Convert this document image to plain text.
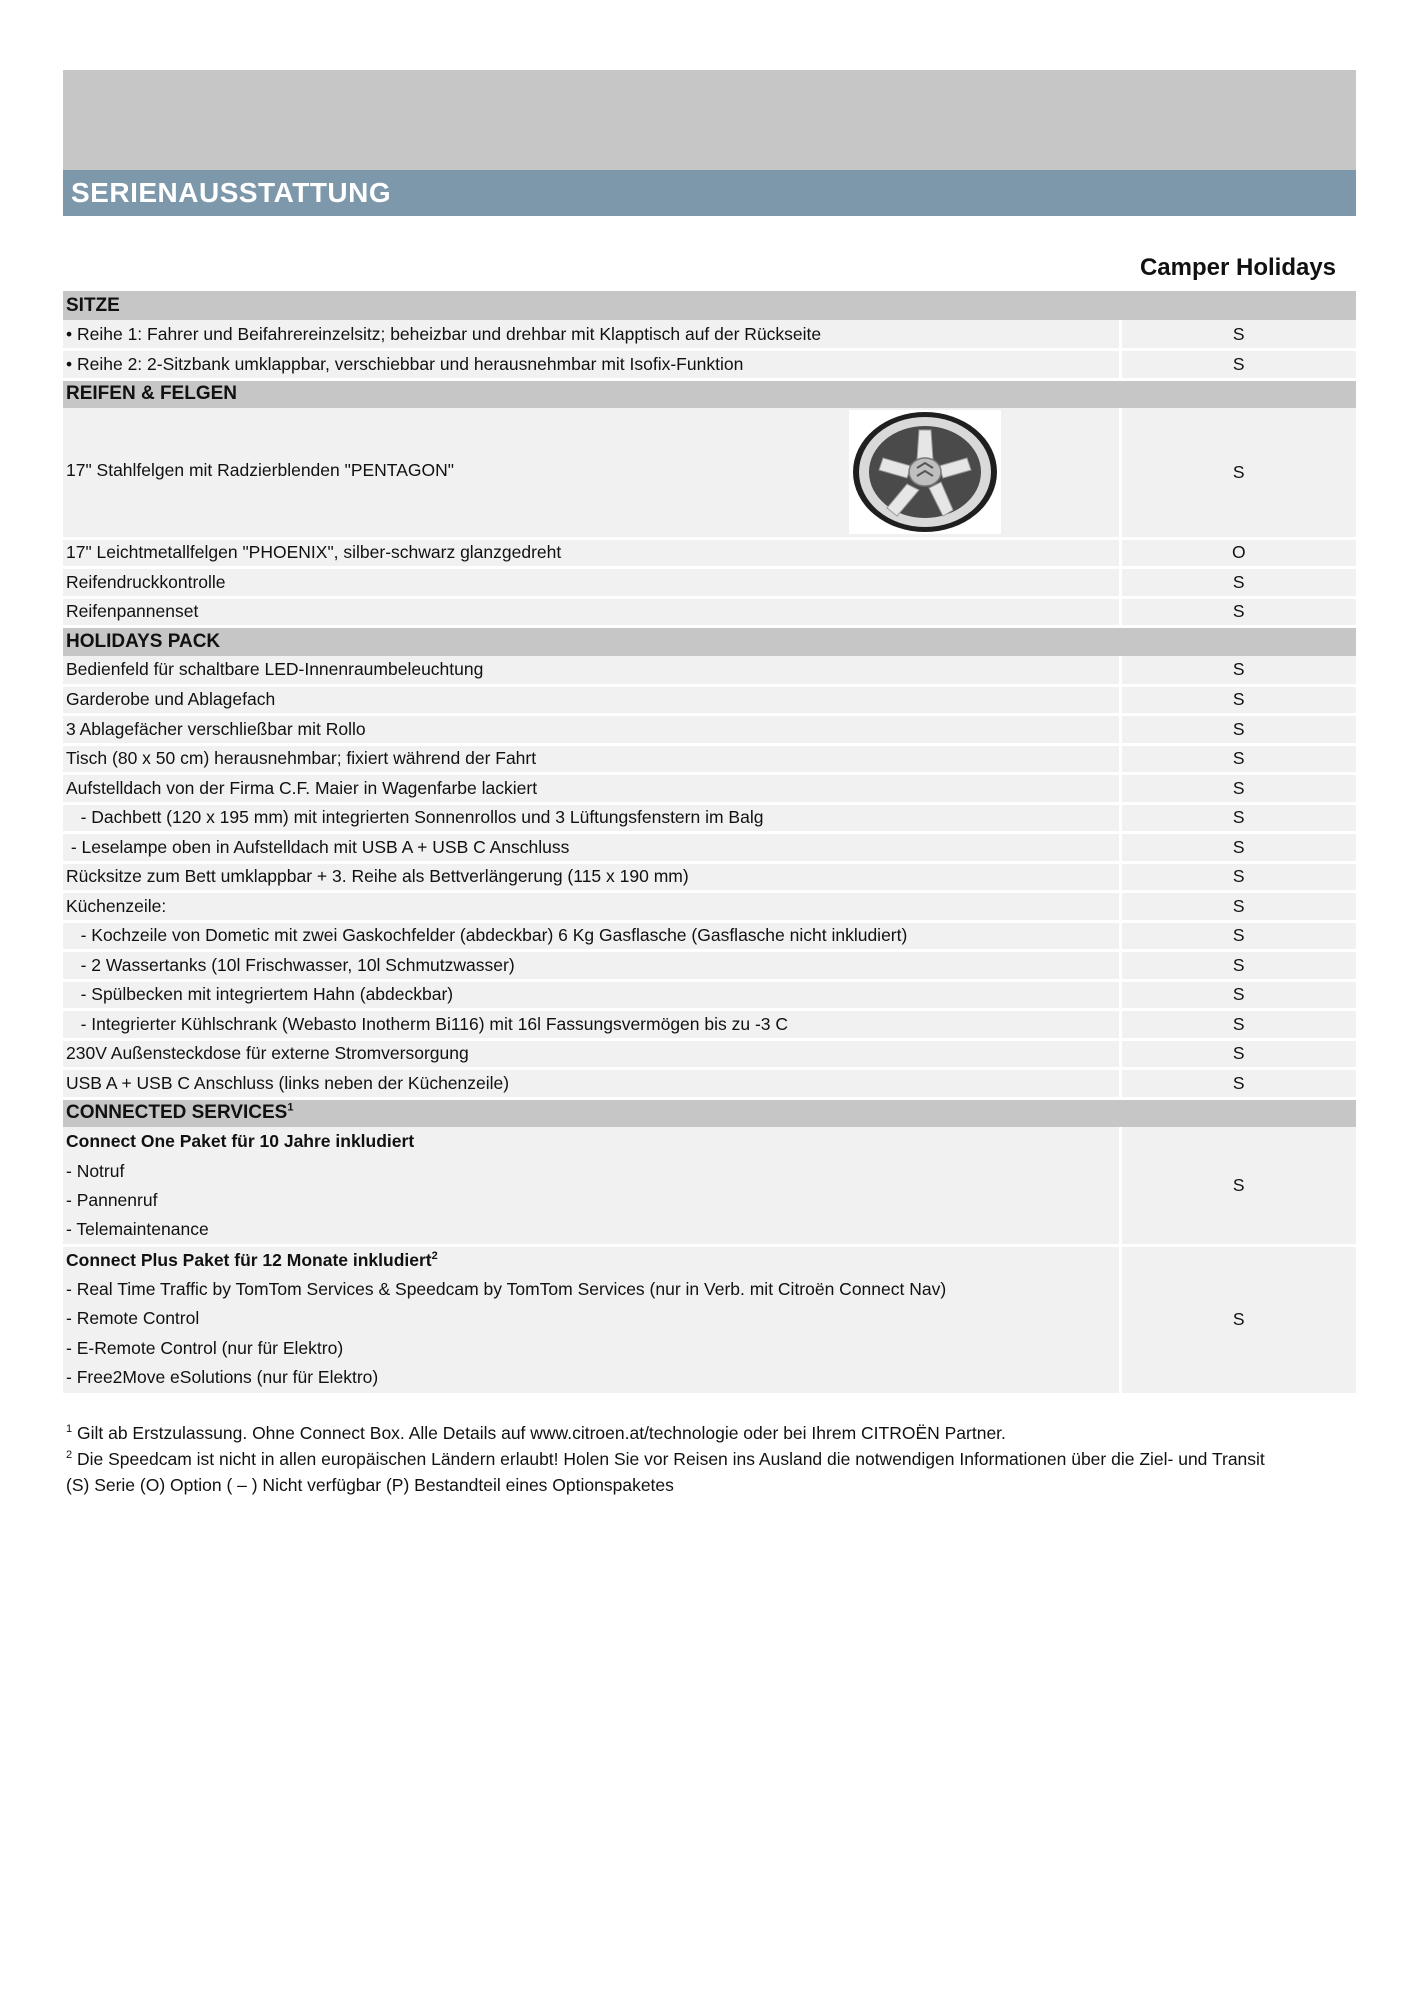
SERIENAUSSTATTUNG
Camper Holidays
SITZE	
• Reihe 1: Fahrer und Beifahrereinzelsitz; beheizbar und drehbar mit Klapptisch auf der Rückseite	S
• Reihe 2: 2-Sitzbank umklappbar, verschiebbar und herausnehmbar mit Isofix-Funktion	S
REIFEN & FELGEN	

17" Stahlfelgen mit Radzierblenden "PENTAGON"	S
17" Leichtmetallfelgen "PHOENIX", silber-schwarz glanzgedreht	O
Reifendruckkontrolle	S
Reifenpannenset	S
HOLIDAYS PACK	
Bedienfeld für schaltbare LED-Innenraumbeleuchtung	S
Garderobe und Ablagefach	S
3 Ablagefächer verschließbar mit Rollo	S
Tisch (80 x 50 cm) herausnehmbar; fixiert während der Fahrt	S
Aufstelldach von der Firma C.F. Maier in Wagenfarbe lackiert	S
- Dachbett (120 x 195 mm) mit integrierten Sonnenrollos und 3 Lüftungsfenstern im Balg	S
- Leselampe oben in Aufstelldach mit USB A + USB C Anschluss	S
Rücksitze zum Bett umklappbar + 3. Reihe als Bettverlängerung (115 x 190 mm)	S
Küchenzeile:	S
- Kochzeile von Dometic mit zwei Gaskochfelder (abdeckbar) 6 Kg Gasflasche (Gasflasche nicht inkludiert)	S
- 2 Wassertanks (10l Frischwasser, 10l Schmutzwasser)	S
- Spülbecken mit integriertem Hahn (abdeckbar)	S
- Integrierter Kühlschrank (Webasto Inotherm Bi116) mit 16l Fassungsvermögen bis zu -3 C	S
230V Außensteckdose für externe Stromversorgung	S
USB A + USB C Anschluss (links neben der Küchenzeile)	S
CONNECTED SERVICES$^1$
Connect One Paket für 10 Jahre inkludiert	S
- Notruf	
- Pannenruf	
- Telemaintenance	
Connect Plus Paket für 12 Monate inkludiert$^2$	S
- Real Time Traffic by TomTom Services & Speedcam by TomTom Services (nur in Verb. mit Citroën Connect Nav)	
- Remote Control	
- E-Remote Control (nur für Elektro)	
- Free2Move eSolutions (nur für Elektro)	
$^1$ Gilt ab Erstzulassung. Ohne Connect Box. Alle Details auf www.citroen.at/technologie oder bei Ihrem CITROËN Partner.
$^2$ Die Speedcam ist nicht in allen europäischen Ländern erlaubt! Holen Sie vor Reisen ins Ausland die notwendigen Informationen über die Ziel- und Transit
(S) Serie (O) Option ( – ) Nicht verfügbar (P) Bestandteil eines Optionspaketes
